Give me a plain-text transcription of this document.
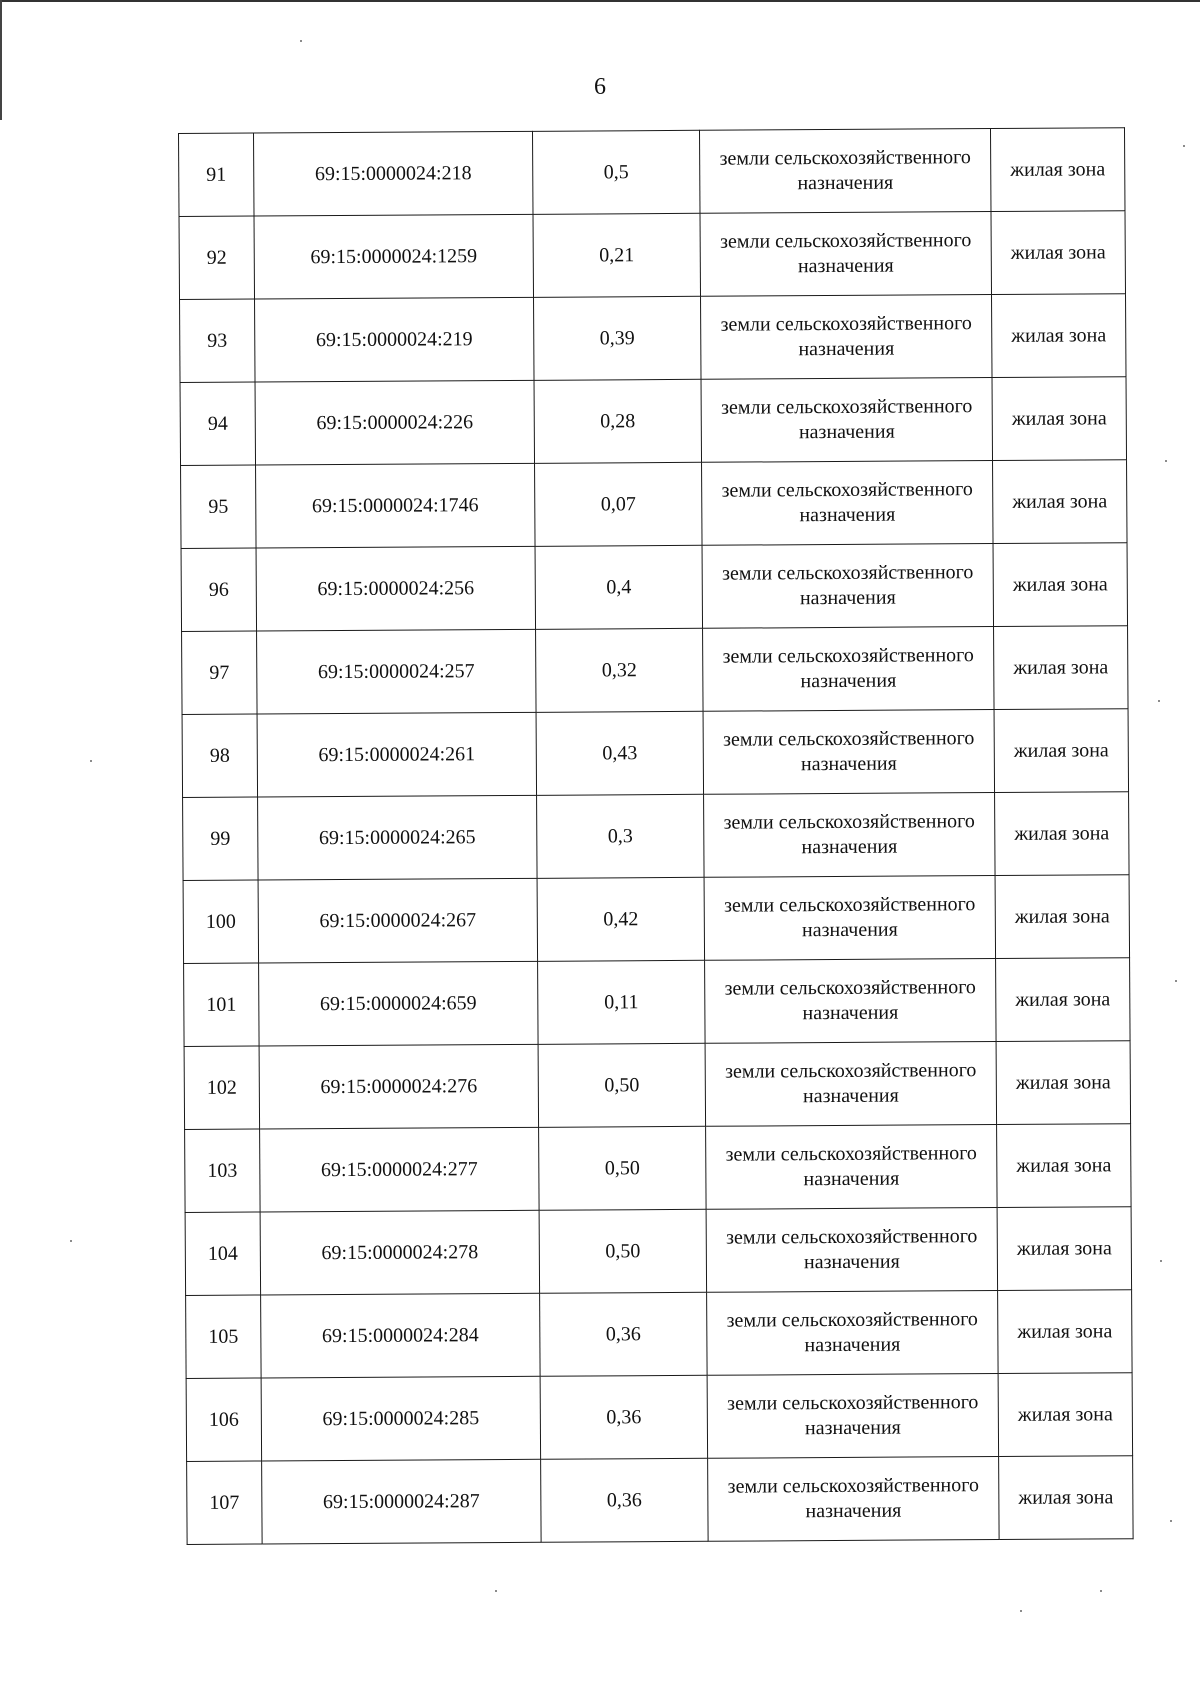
6
91	69:15:0000024:218	0,5	земли сельскохозяйственного назначения	жилая зона
92	69:15:0000024:1259	0,21	земли сельскохозяйственного назначения	жилая зона
93	69:15:0000024:219	0,39	земли сельскохозяйственного назначения	жилая зона
94	69:15:0000024:226	0,28	земли сельскохозяйственного назначения	жилая зона
95	69:15:0000024:1746	0,07	земли сельскохозяйственного назначения	жилая зона
96	69:15:0000024:256	0,4	земли сельскохозяйственного назначения	жилая зона
97	69:15:0000024:257	0,32	земли сельскохозяйственного назначения	жилая зона
98	69:15:0000024:261	0,43	земли сельскохозяйственного назначения	жилая зона
99	69:15:0000024:265	0,3	земли сельскохозяйственного назначения	жилая зона
100	69:15:0000024:267	0,42	земли сельскохозяйственного назначения	жилая зона
101	69:15:0000024:659	0,11	земли сельскохозяйственного назначения	жилая зона
102	69:15:0000024:276	0,50	земли сельскохозяйственного назначения	жилая зона
103	69:15:0000024:277	0,50	земли сельскохозяйственного назначения	жилая зона
104	69:15:0000024:278	0,50	земли сельскохозяйственного назначения	жилая зона
105	69:15:0000024:284	0,36	земли сельскохозяйственного назначения	жилая зона
106	69:15:0000024:285	0,36	земли сельскохозяйственного назначения	жилая зона
107	69:15:0000024:287	0,36	земли сельскохозяйственного назначения	жилая зона
